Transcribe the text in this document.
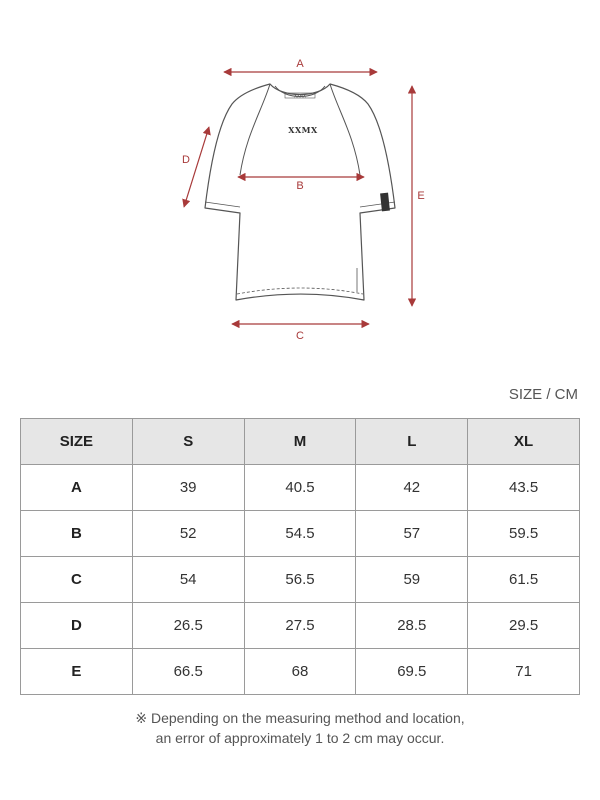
XXMX
XXMX
A
B
C
D
E
SIZE / CM
SIZE	S	M	L	XL
A	39	40.5	42	43.5
B	52	54.5	57	59.5
C	54	56.5	59	61.5
D	26.5	27.5	28.5	29.5
E	66.5	68	69.5	71
※ Depending on the measuring method and location,
an error of approximately 1 to 2 cm may occur.
